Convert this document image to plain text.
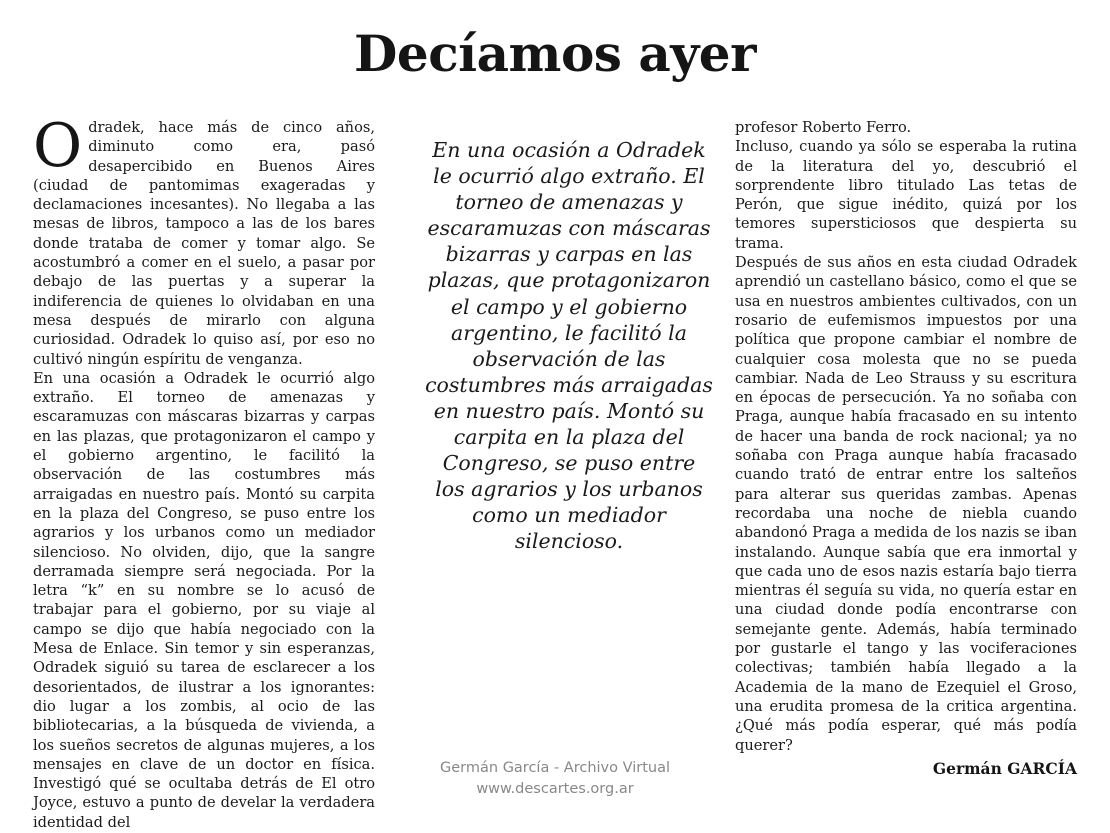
Decíamos ayer

Odradek, hace más de cinco años, diminuto como era, pasó desapercibido en Buenos Aires (ciudad de pantomimas exageradas y declamaciones incesantes). No llegaba a las mesas de libros, tampoco a las de los bares donde trataba de comer y tomar algo. Se acostumbró a comer en el suelo, a pasar por debajo de las puertas y a superar la indiferencia de quienes lo olvidaban en una mesa después de mirarlo con alguna curiosidad. Odradek lo quiso así, por eso no cultivó ningún espíritu de venganza.

En una ocasión a Odradek le ocurrió algo extraño. El torneo de amenazas y escaramuzas con máscaras bizarras y carpas en las plazas, que protagonizaron el campo y el gobierno argentino, le facilitó la observación de las costumbres más arraigadas en nuestro país. Montó su carpita en la plaza del Congreso, se puso entre los agrarios y los urbanos como un mediador silencioso. No olviden, dijo, que la sangre derramada siempre será negociada. Por la letra “k” en su nombre se lo acusó de trabajar para el gobierno, por su viaje al campo se dijo que había negociado con la Mesa de Enlace. Sin temor y sin esperanzas, Odradek siguió su tarea de esclarecer a los desorientados, de ilustrar a los ignorantes: dio lugar a los zombis, al ocio de las bibliotecarias, a la búsqueda de vivienda, a los sueños secretos de algunas mujeres, a los mensajes en clave de un doctor en física. Investigó qué se ocultaba detrás de El otro Joyce, estuvo a punto de develar la verdadera identidad del

En una ocasión a Odradek le ocurrió algo extraño. El torneo de amenazas y escaramuzas con máscaras bizarras y carpas en las plazas, que protagonizaron el campo y el gobierno argentino, le facilitó la observación de las costumbres más arraigadas en nuestro país. Montó su carpita en la plaza del Congreso, se puso entre los agrarios y los urbanos como un mediador silencioso.

profesor Roberto Ferro.

Incluso, cuando ya sólo se esperaba la rutina de la literatura del yo, descubrió el sorprendente libro titulado Las tetas de Perón, que sigue inédito, quizá por los temores supersticiosos que despierta su trama.

Después de sus años en esta ciudad Odradek aprendió un castellano básico, como el que se usa en nuestros ambientes cultivados, con un rosario de eufemismos impuestos por una política que propone cambiar el nombre de cualquier cosa molesta que no se pueda cambiar. Nada de Leo Strauss y su escritura en épocas de persecución. Ya no soñaba con Praga, aunque había fracasado en su intento de hacer una banda de rock nacional; ya no soñaba con Praga aunque había fracasado cuando trató de entrar entre los salteños para alterar sus queridas zambas. Apenas recordaba una noche de niebla cuando abandonó Praga a medida de los nazis se iban instalando. Aunque sabía que era inmortal y que cada uno de esos nazis estaría bajo tierra mientras él seguía su vida, no quería estar en una ciudad donde podía encontrarse con semejante gente. Además, había terminado por gustarle el tango y las vociferaciones colectivas; también había llegado a la Academia de la mano de Ezequiel el Groso, una erudita promesa de la critica argentina. ¿Qué más podía esperar, qué más podía querer?

Germán García - Archivo Virtual
www.descartes.org.ar
Germán GARCÍA
